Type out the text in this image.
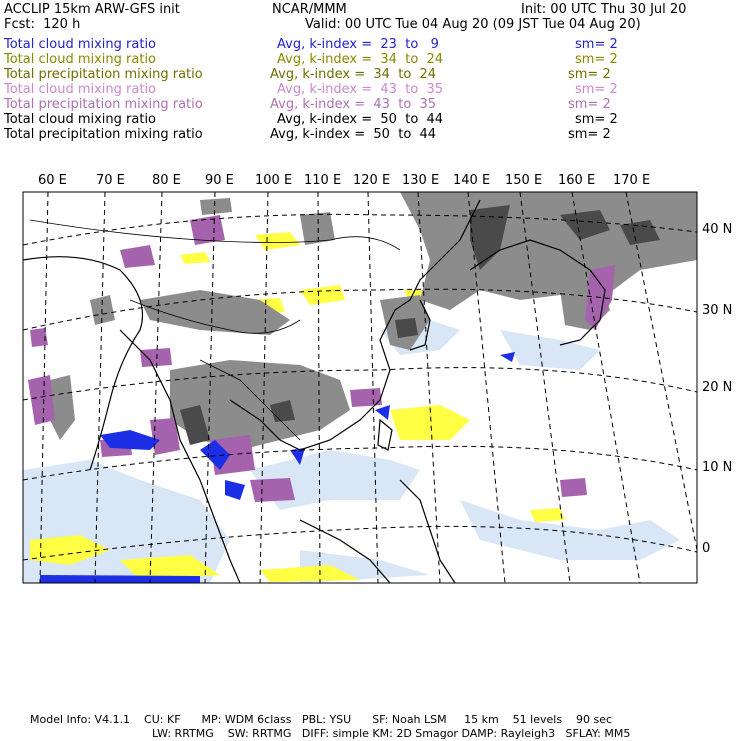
ACCLIP 15km ARW-GFS init	NCAR/MMM	Init: 00 UTC Thu 30 Jul 20
Fcst:  120 h	Valid: 00 UTC Tue 04 Aug 20 (09 JST Tue 04 Aug 20)
Total cloud mixing ratio	Avg, k-index =  23  to   9	sm= 2
Total cloud mixing ratio	Avg, k-index =  34  to  24	sm= 2
Total precipitation mixing ratio	Avg, k-index =  34  to  24	sm= 2
Total cloud mixing ratio	Avg, k-index =  43  to  35	sm= 2
Total precipitation mixing ratio	Avg, k-index =  43  to  35	sm= 2
Total cloud mixing ratio	Avg, k-index =  50  to  44	sm= 2
Total precipitation mixing ratio	Avg, k-index =  50  to  44	sm= 2
60 E 70 E 80 E 90 E 100 E 110 E 120 E 130 E 140 E 150 E 160 E 170 E
40 N
30 N
20 N
10 N
0
Model Info: V4.1.1    CU: KF      MP: WDM 6class   PBL: YSU      SF: Noah LSM     15 km    51 levels    90 sec
LW: RRTMG    SW: RRTMG   DIFF: simple KM: 2D Smagor DAMP: Rayleigh3   SFLAY: MM5
